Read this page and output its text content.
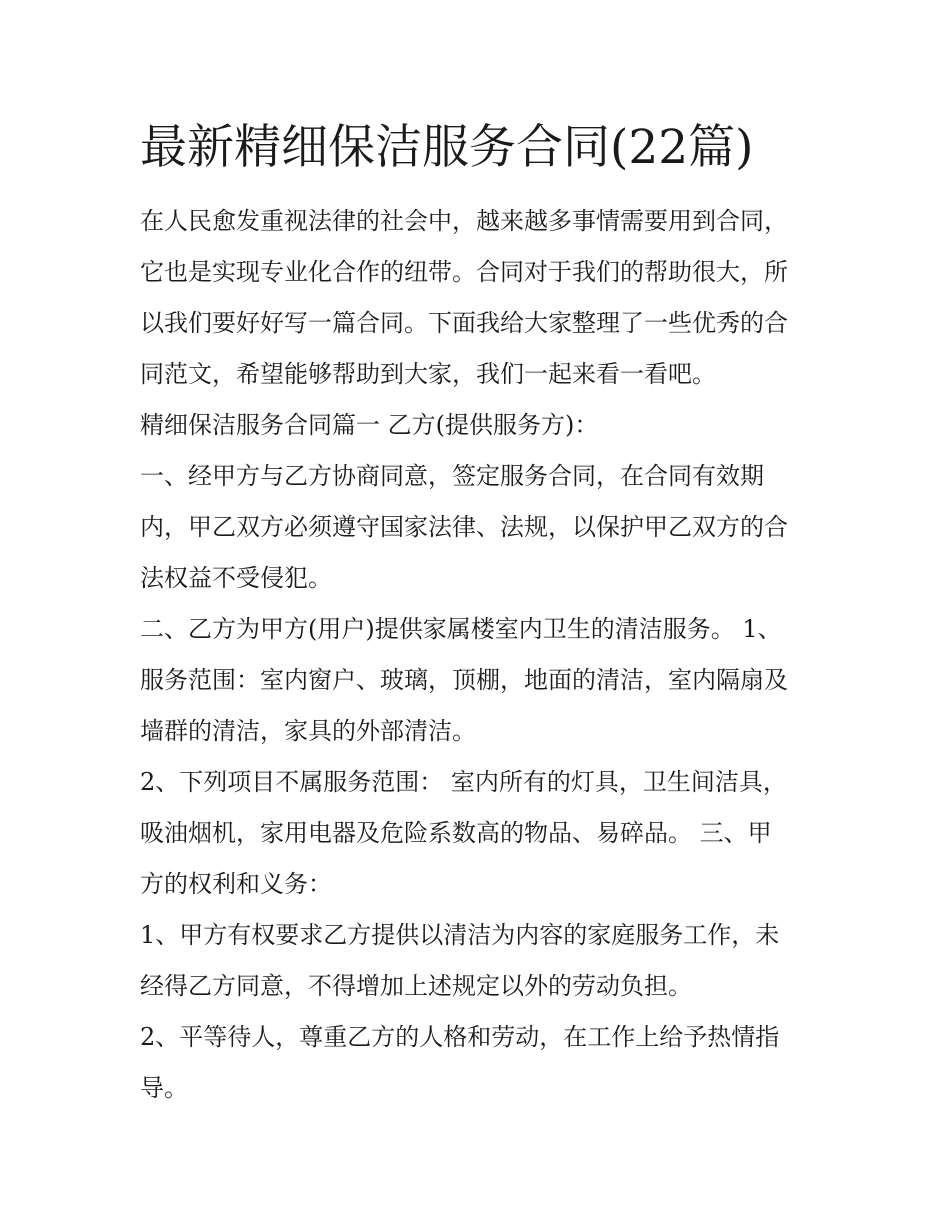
最新精细保洁服务合同(22篇)

在人民愈发重视法律的社会中，越来越多事情需要用到合同，

它也是实现专业化合作的纽带。合同对于我们的帮助很大，所

以我们要好好写一篇合同。下面我给大家整理了一些优秀的合

同范文，希望能够帮助到大家，我们一起来看一看吧。

精细保洁服务合同篇一 乙方(提供服务方)：

一、经甲方与乙方协商同意，签定服务合同，在合同有效期

内，甲乙双方必须遵守国家法律、法规，以保护甲乙双方的合

法权益不受侵犯。

二、乙方为甲方(用户)提供家属楼室内卫生的清洁服务。 1、

服务范围：室内窗户、玻璃，顶棚，地面的清洁，室内隔扇及

墙群的清洁，家具的外部清洁。

2、下列项目不属服务范围： 室内所有的灯具，卫生间洁具，

吸油烟机，家用电器及危险系数高的物品、易碎品。 三、甲

方的权利和义务：

1、甲方有权要求乙方提供以清洁为内容的家庭服务工作，未

经得乙方同意，不得增加上述规定以外的劳动负担。

2、平等待人，尊重乙方的人格和劳动，在工作上给予热情指

导。
